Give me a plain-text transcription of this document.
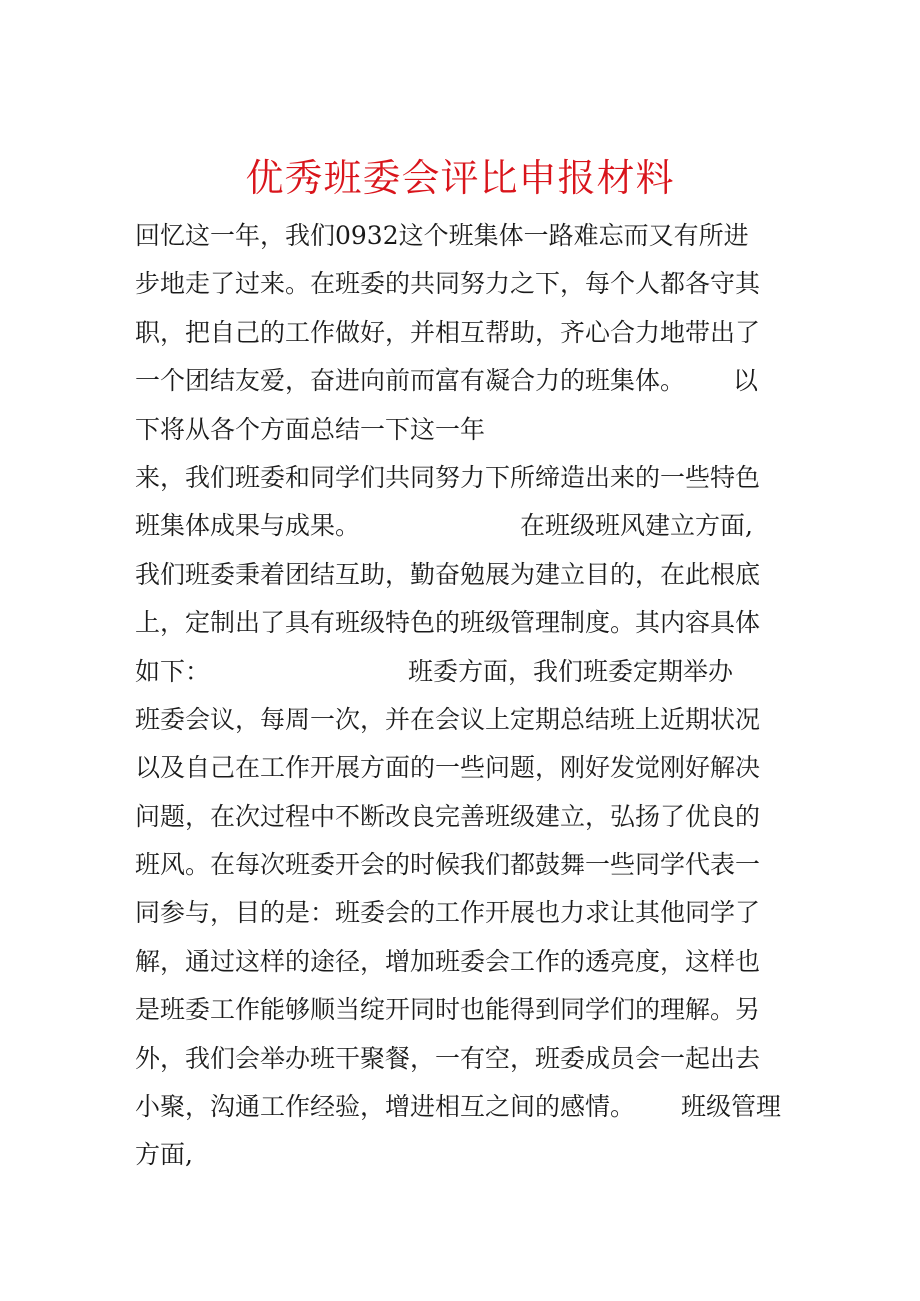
优秀班委会评比申报材料
回忆这一年，我们0932这个班集体一路难忘而又有所进
步地走了过来。在班委的共同努力之下，每个人都各守其
职，把自己的工作做好，并相互帮助，齐心合力地带出了
一个团结友爱，奋进向前而富有凝合力的班集体。 以
下将从各个方面总结一下这一年
来，我们班委和同学们共同努力下所缔造出来的一些特色
班集体成果与成果。	在班级班风建立方面,
我们班委秉着团结互助，勤奋勉展为建立目的，在此根底
上，定制出了具有班级特色的班级管理制度。其内容具体
如下：	班委方面，我们班委定期举办
班委会议，每周一次，并在会议上定期总结班上近期状况
以及自己在工作开展方面的一些问题，刚好发觉刚好解决
问题，在次过程中不断改良完善班级建立，弘扬了优良的
班风。在每次班委开会的时候我们都鼓舞一些同学代表一
同参与，目的是：班委会的工作开展也力求让其他同学了
解，通过这样的途径，增加班委会工作的透亮度，这样也
是班委工作能够顺当绽开同时也能得到同学们的理解。另
外，我们会举办班干聚餐，一有空，班委成员会一起出去
小聚，沟通工作经验，增进相互之间的感情。 班级管理
方面,
